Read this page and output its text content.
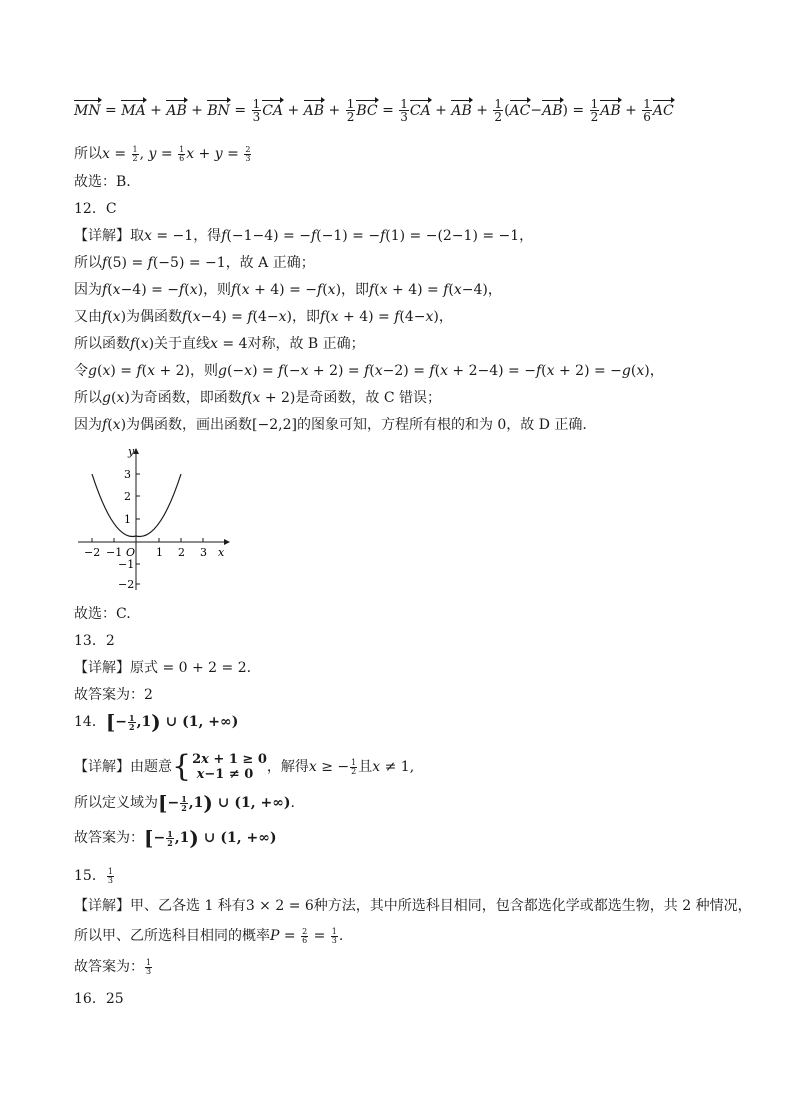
MN = MA + AB + BN = $\frac{1}{3}$ CA + AB + $\frac{1}{2}$ BC = $\frac{1}{3}$ CA + AB + $\frac{1}{2} (AC-AB) = \frac{1}{2}$ AB + $\frac{1}{6}$ AC
所以$x = \frac{1}{2}$ , $y = \frac{1}{6}$ $x + y = \frac{2}{3}$
故选：B.
12．C
【详解】取x = −1，得f(−1−4) = −f(−1) = −f(1) = −(2−1) = −1，
所以f(5) = f(−5) = −1，故 A 正确；
因为f(x−4) = −f(x)，则f(x + 4) = −f(x)，即f(x + 4) = f(x−4)，
又由f(x)为偶函数f(x−4) = f(4−x)，即f(x + 4) = f(4−x)，
所以函数f(x)关于直线x = 4对称，故 B 正确；
令g(x) = f(x + 2)，则g(−x) = f(−x + 2) = f(x−2) = f(x + 2−4) = −f(x + 2) = −g(x)，
所以g(x)为奇函数，即函数f(x + 2)是奇函数，故 C 错误；
因为f(x)为偶函数，画出函数[−2,2]的图象可知，方程所有根的和为 0，故 D 正确.
−2 −1 O 1 2 3 x
3
2
1
−1
−2
y
故选：C.
13．2
【详解】原式 = 0 + 2 = 2.
故答案为：2
14．[− $\frac{1}{2} ,1$) ∪ (1, +∞)
【详解】由题意 { 2x + 1 ≥ 0
x−1 ≠ 0 ，解得x ≥ − $\frac{1}{2}$ 且x ≠ 1,
所以定义域为[− $\frac{1}{2} ,1$) ∪ (1, +∞).
故答案为：[− $\frac{1}{2} ,1$) ∪ (1, +∞)
15． $\frac{1}{3}$
【详解】甲、乙各选 1 科有3 × 2 = 6种方法，其中所选科目相同，包含都选化学或都选生物，共 2 种情况，
所以甲、乙所选科目相同的概率$P = \frac{2}{6} = \frac{1}{3}$ .
故答案为： $\frac{1}{3}$
16．25
